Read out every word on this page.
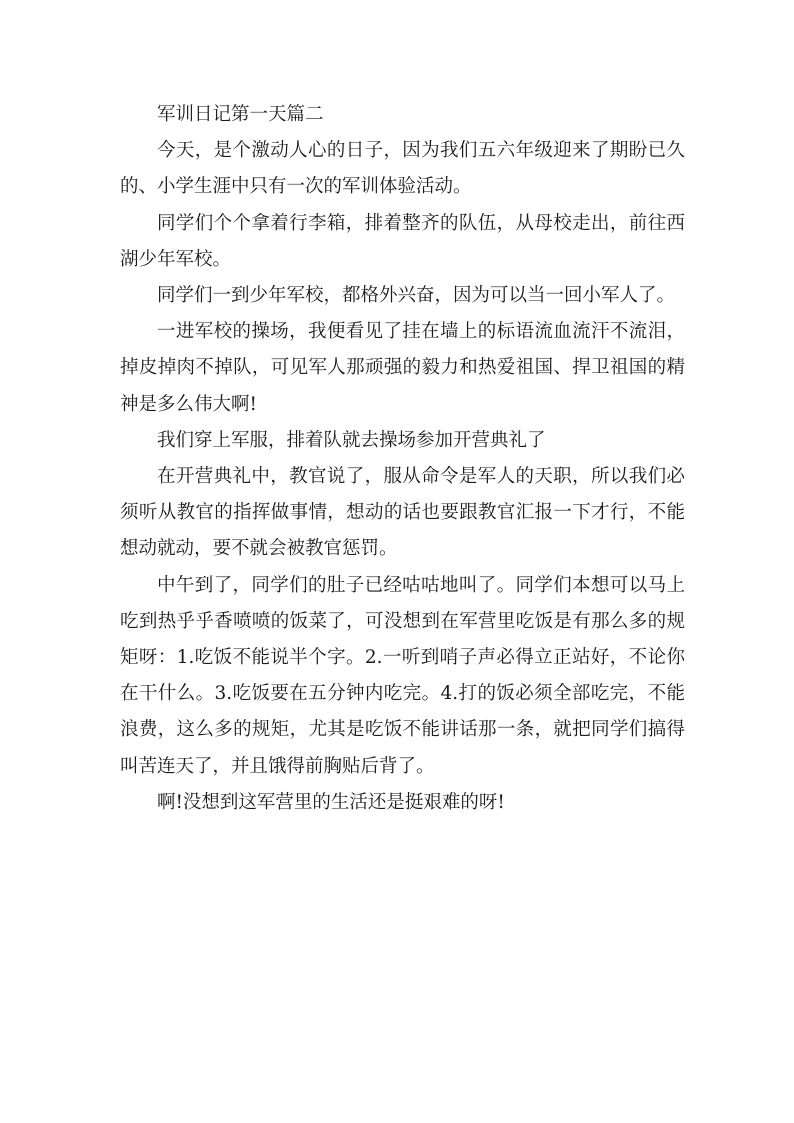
军训日记第一天篇二

今天，是个激动人心的日子，因为我们五六年级迎来了期盼已久的、小学生涯中只有一次的军训体验活动。

同学们个个拿着行李箱，排着整齐的队伍，从母校走出，前往西湖少年军校。

同学们一到少年军校，都格外兴奋，因为可以当一回小军人了。

一进军校的操场，我便看见了挂在墙上的标语流血流汗不流泪，掉皮掉肉不掉队，可见军人那顽强的毅力和热爱祖国、捍卫祖国的精神是多么伟大啊!

我们穿上军服，排着队就去操场参加开营典礼了

在开营典礼中，教官说了，服从命令是军人的天职，所以我们必须听从教官的指挥做事情，想动的话也要跟教官汇报一下才行，不能想动就动，要不就会被教官惩罚。

中午到了，同学们的肚子已经咕咕地叫了。同学们本想可以马上吃到热乎乎香喷喷的饭菜了，可没想到在军营里吃饭是有那么多的规矩呀：1.吃饭不能说半个字。2.一听到哨子声必得立正站好，不论你在干什么。3.吃饭要在五分钟内吃完。4.打的饭必须全部吃完，不能浪费，这么多的规矩，尤其是吃饭不能讲话那一条，就把同学们搞得叫苦连天了，并且饿得前胸贴后背了。

啊!没想到这军营里的生活还是挺艰难的呀!
